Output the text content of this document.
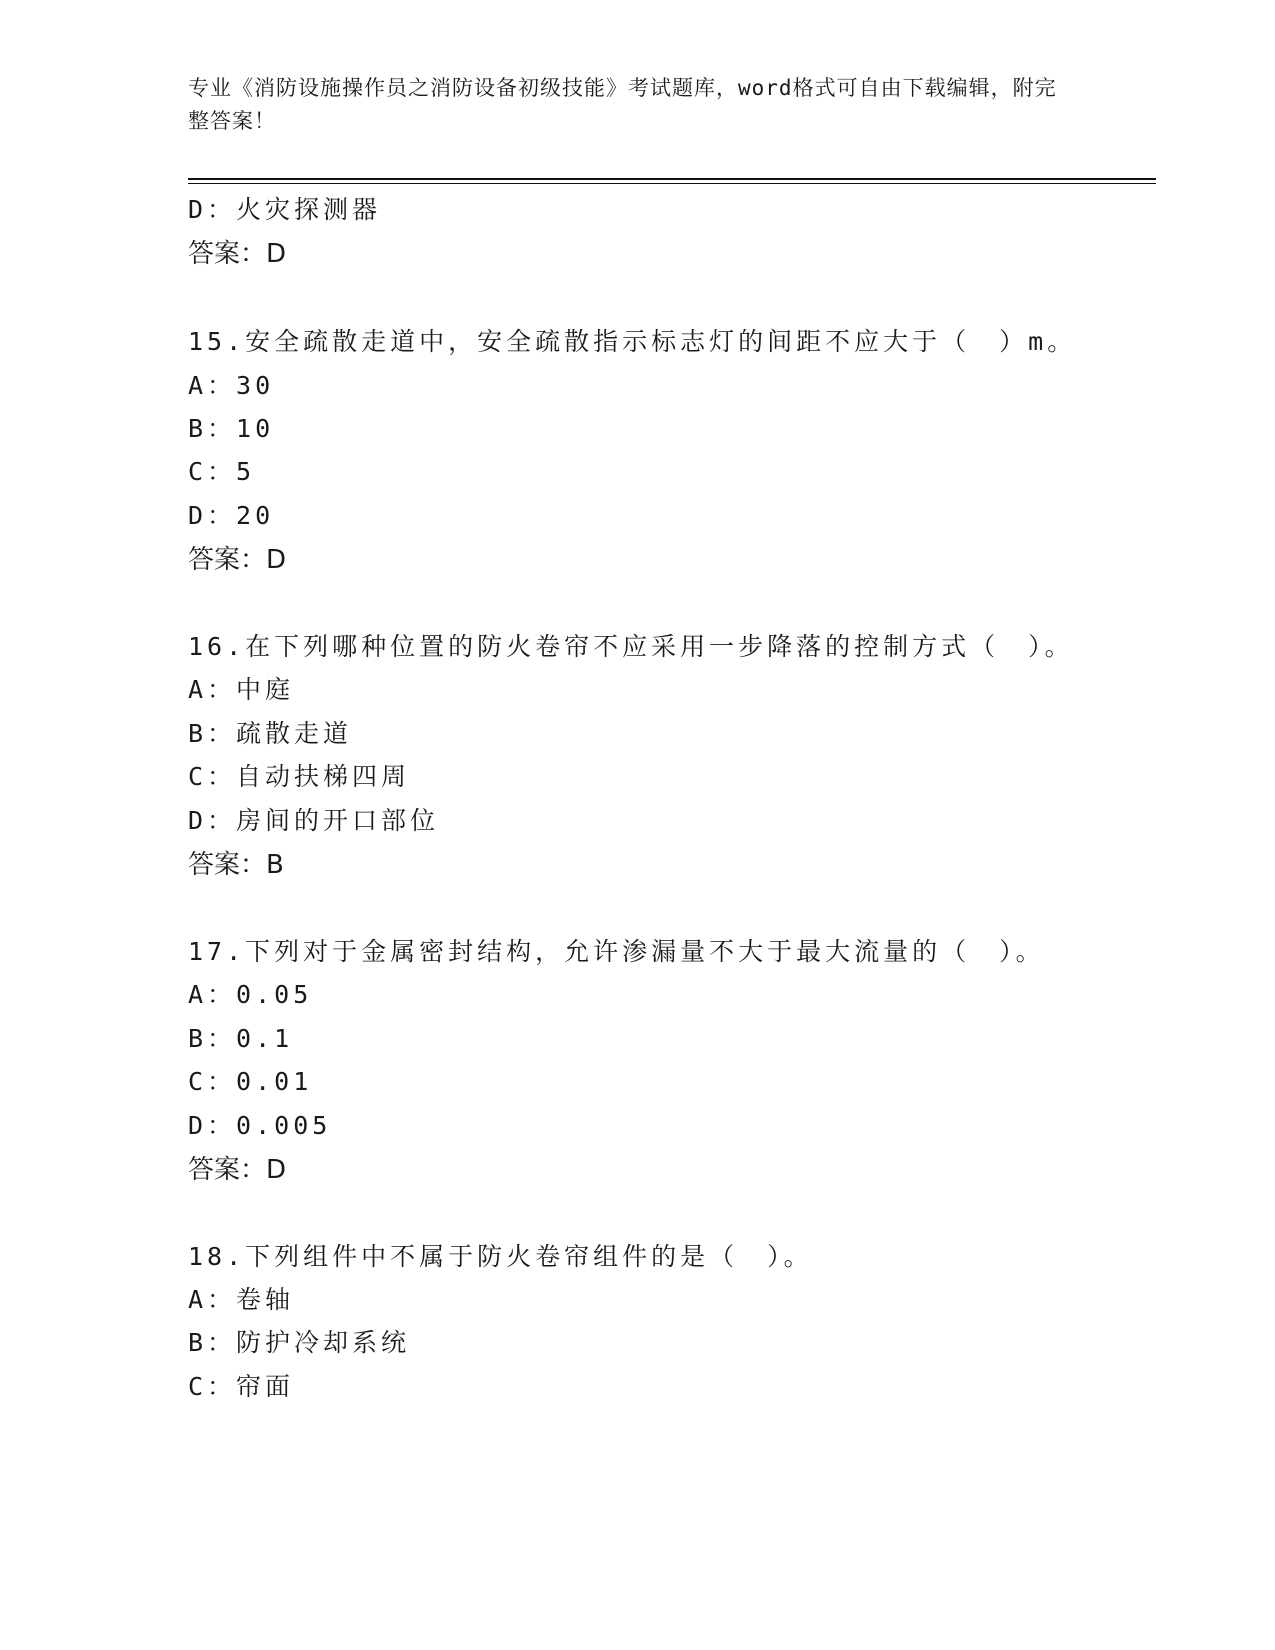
专业《消防设施操作员之消防设备初级技能》考试题库，word格式可自由下载编辑，附完整答案！
D：火灾探测器
答案：D
15.安全疏散走道中，安全疏散指示标志灯的间距不应大于（　）m。
A：30
B：10
C：5
D：20
答案：D
16.在下列哪种位置的防火卷帘不应采用一步降落的控制方式（　）。
A：中庭
B：疏散走道
C：自动扶梯四周
D：房间的开口部位
答案：B
17.下列对于金属密封结构，允许渗漏量不大于最大流量的（　）。
A：0.05
B：0.1
C：0.01
D：0.005
答案：D
18.下列组件中不属于防火卷帘组件的是（　）。
A：卷轴
B：防护冷却系统
C：帘面
